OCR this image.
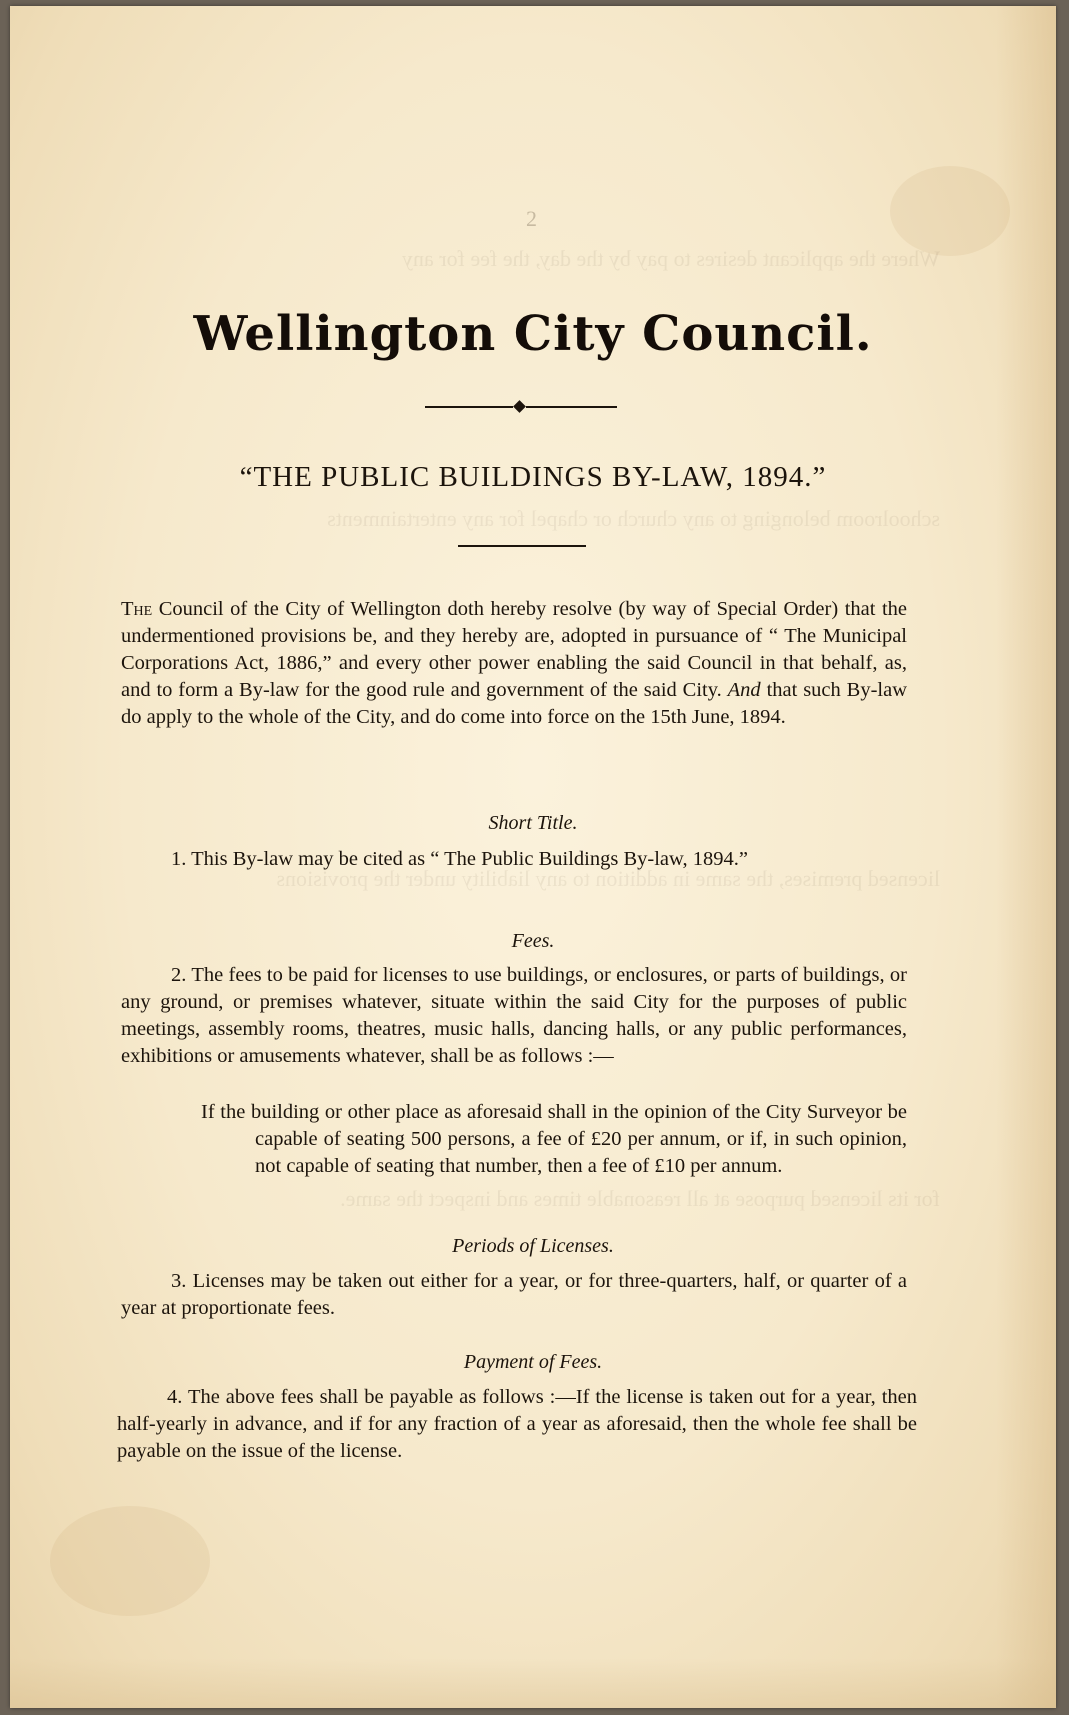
Where the applicant desires to pay by the day, the fee for any
schoolroom belonging to any church or chapel for any entertainments
licensed premises, the same in addition to any liability under the provisions
for its licensed purpose at all reasonable times and inspect the same.
2
Wellington City Council.
“THE PUBLIC BUILDINGS BY-LAW, 1894.”
The Council of the City of Wellington doth hereby resolve (by way of Special Order) that the undermentioned provisions be, and they hereby are, adopted in pursuance of “ The Municipal Corporations Act, 1886,” and every other power enabling the said Council in that behalf, as, and to form a By-law for the good rule and government of the said City. And that such By-law do apply to the whole of the City, and do come into force on the 15th June, 1894.
Short Title.
1. This By-law may be cited as “ The Public Buildings By-law, 1894.”
Fees.
2. The fees to be paid for licenses to use buildings, or enclosures, or parts of buildings, or any ground, or premises whatever, situate within the said City for the purposes of public meetings, assembly rooms, theatres, music halls, dancing halls, or any public performances, exhibitions or amusements whatever, shall be as follows :—
If the building or other place as aforesaid shall in the opinion of the City Surveyor be capable of seating 500 persons, a fee of £20 per annum, or if, in such opinion, not capable of seating that number, then a fee of £10 per annum.
Periods of Licenses.
3. Licenses may be taken out either for a year, or for three-quarters, half, or quarter of a year at proportionate fees.
Payment of Fees.
4. The above fees shall be payable as follows :—If the license is taken out for a year, then half-yearly in advance, and if for any fraction of a year as aforesaid, then the whole fee shall be payable on the issue of the license.
